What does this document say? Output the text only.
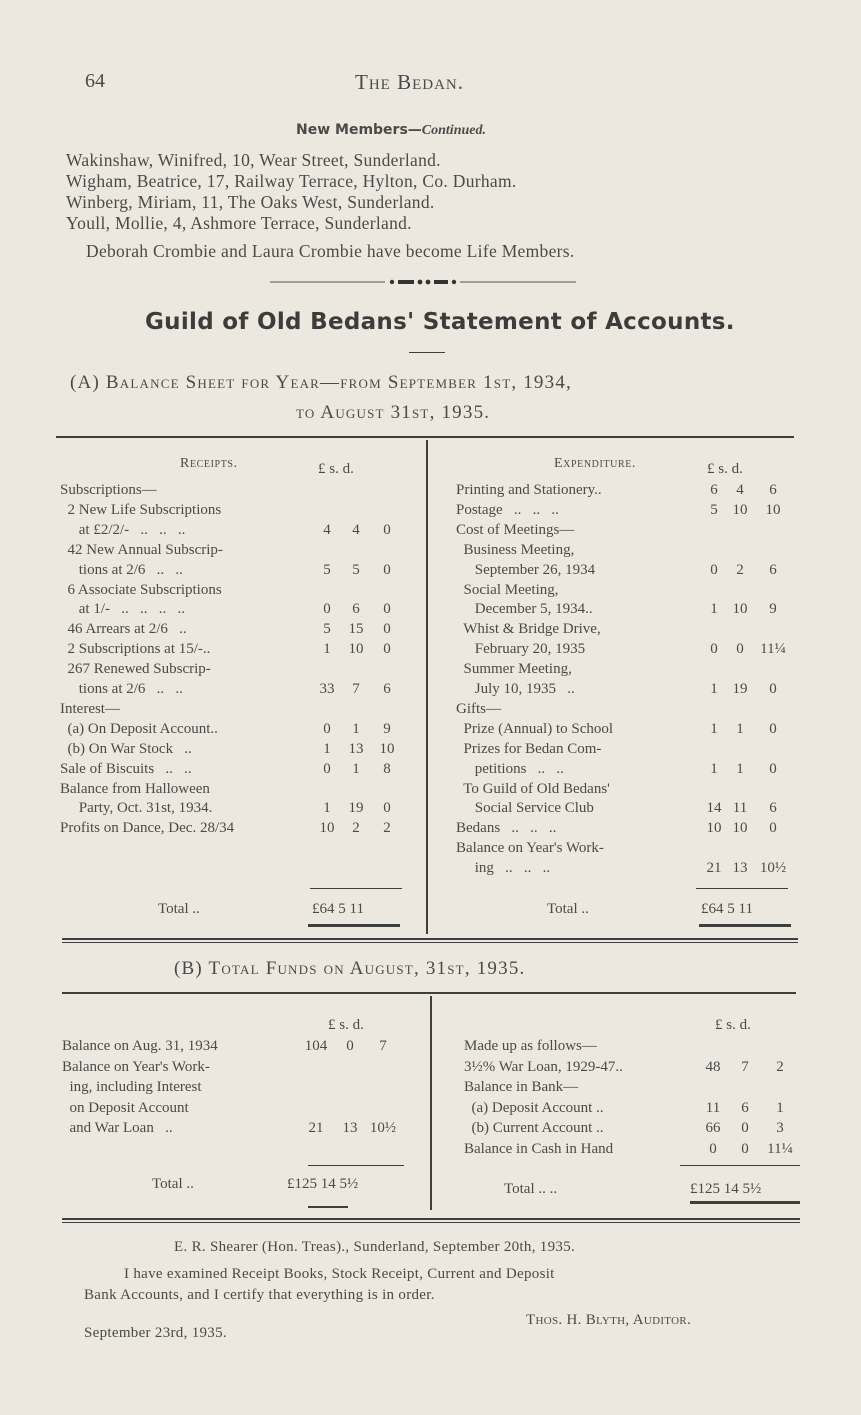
64	The Bedan.
New Members—Continued.
Wakinshaw, Winifred, 10, Wear Street, Sunderland.
Wigham, Beatrice, 17, Railway Terrace, Hylton, Co. Durham.
Winberg, Miriam, 11, The Oaks West, Sunderland.
Youll, Mollie, 4, Ashmore Terrace, Sunderland.
Deborah Crombie and Laura Crombie have become Life Members.
Guild of Old Bedans' Statement of Accounts.
(A) Balance Sheet for Year—from September 1st, 1934,
to August 31st, 1935.
Receipts.	£ s. d.	Expenditure.	£ s. d.
Subscriptions—
2 New Life Subscriptions
at £2/2/-   ..   ..   ..	4	4	0
42 New Annual Subscrip-
tions at 2/6   ..   ..	5	5	0
6 Associate Subscriptions
at 1/-   ..   ..   ..   ..	0	6	0
46 Arrears at 2/6   ..	5	15	0
2 Subscriptions at 15/-..	1	10	0
267 Renewed Subscrip-
tions at 2/6   ..   ..	33	7	6
Interest—
(a) On Deposit Account..	0	1	9
(b) On War Stock   ..	1	13	10
Sale of Biscuits   ..   ..	0	1	8
Balance from Halloween
Party, Oct. 31st, 1934.	1	19	0
Profits on Dance, Dec. 28/34	10	2	2
Printing and Stationery..	6	4	6
Postage   ..   ..   ..	5 10	10
Cost of Meetings—
Business Meeting,
September 26, 1934	0	2	6
Social Meeting,
December 5, 1934..	1 10	9
Whist & Bridge Drive,
February 20, 1935	0	0	11¼
Summer Meeting,
July 10, 1935   ..	1 19	0
Gifts—
Prize (Annual) to School	1	1	0
Prizes for Bedan Com-
petitions   ..   ..	1	1	0
To Guild of Old Bedans'
Social Service Club	14 11	6
Bedans   ..   ..   ..	10 10	0
Balance on Year's Work-
ing   ..   ..   ..	21 13 10½
Total ..	£64 5 11	Total ..	£64 5 11
(B) Total Funds on August, 31st, 1935.
£ s. d.	£ s. d.
Balance on Aug. 31, 1934	104	0	7
Balance on Year's Work-
ing, including Interest
on Deposit Account
and War Loan   ..	21	13 10½
Made up as follows—
3½% War Loan, 1929-47..	48	7	2
Balance in Bank—
(a) Deposit Account ..	11	6	1
(b) Current Account ..	66	0	3
Balance in Cash in Hand	0	0	11¼
Total ..	£125 14 5½	Total .. ..	£125 14 5½
E. R. Shearer (Hon. Treas)., Sunderland, September 20th, 1935.
I have examined Receipt Books, Stock Receipt, Current and Deposit
Bank Accounts, and I certify that everything is in order.
Thos. H. Blyth, Auditor.
September 23rd, 1935.
